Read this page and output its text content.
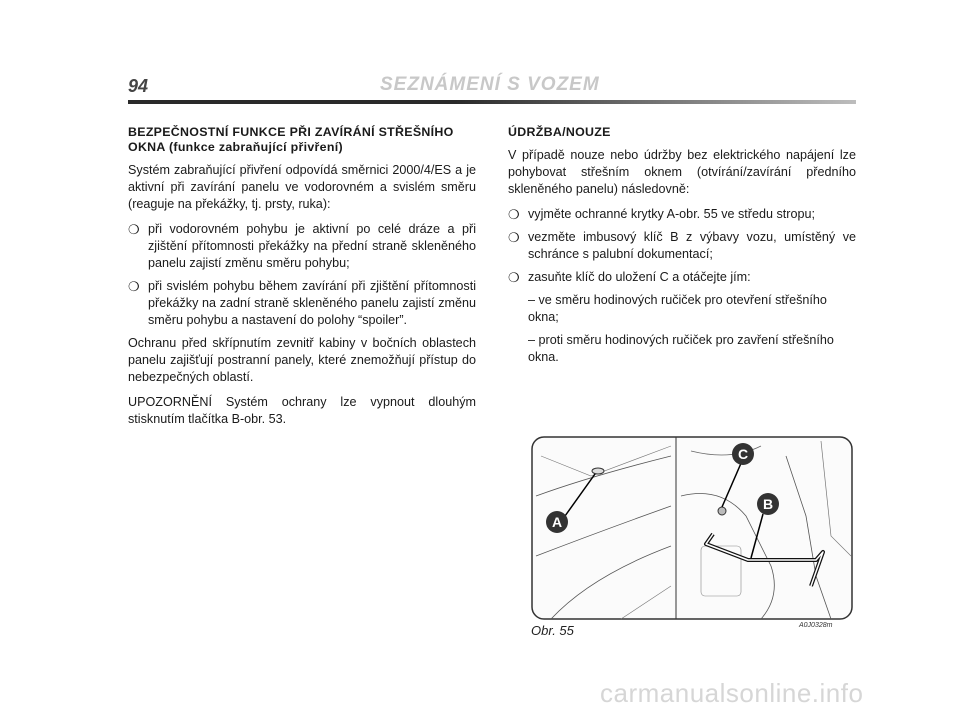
94	SEZNÁMENÍ S VOZEM
BEZPEČNOSTNÍ FUNKCE PŘI ZAVÍRÁNÍ STŘEŠNÍHO
OKNA (funkce zabraňující přivření)

Systém zabraňující přivření odpovídá směrnici 2000/4/ES a je aktivní při zavírání panelu ve vodorovném a svislém směru (reaguje na překážky, tj. prsty, ruka):

❍ při vodorovném pohybu je aktivní po celé dráze a při zjištění přítomnosti překážky na přední straně skleněného panelu zajistí změnu směru pohybu;
❍ při svislém pohybu během zavírání při zjištění přítomnosti překážky na zadní straně skleněného panelu zajistí změnu směru pohybu a nastavení do polohy “spoiler”.

Ochranu před skřípnutím zevnitř kabiny v bočních oblastech panelu zajišťují postranní panely, které znemožňují přístup do nebezpečných oblastí.

UPOZORNĚNÍ Systém ochrany lze vypnout dlouhým stisknutím tlačítka B-obr. 53.

ÚDRŽBA/NOUZE

V případě nouze nebo údržby bez elektrického napájení lze pohybovat střešním oknem (otvírání/zavírání předního skleněného panelu) následovně:

❍ vyjměte ochranné krytky A-obr. 55 ve středu stropu;
❍ vezměte imbusový klíč B z výbavy vozu, umístěný ve schránce s palubní dokumentací;
❍ zasuňte klíč do uložení C a otáčejte jím:
– ve směru hodinových ručiček pro otevření střešního okna;
– proti směru hodinových ručiček pro zavření střešního okna.
A
C
B
Obr. 55	A0J0328m
carmanualsonline.info
